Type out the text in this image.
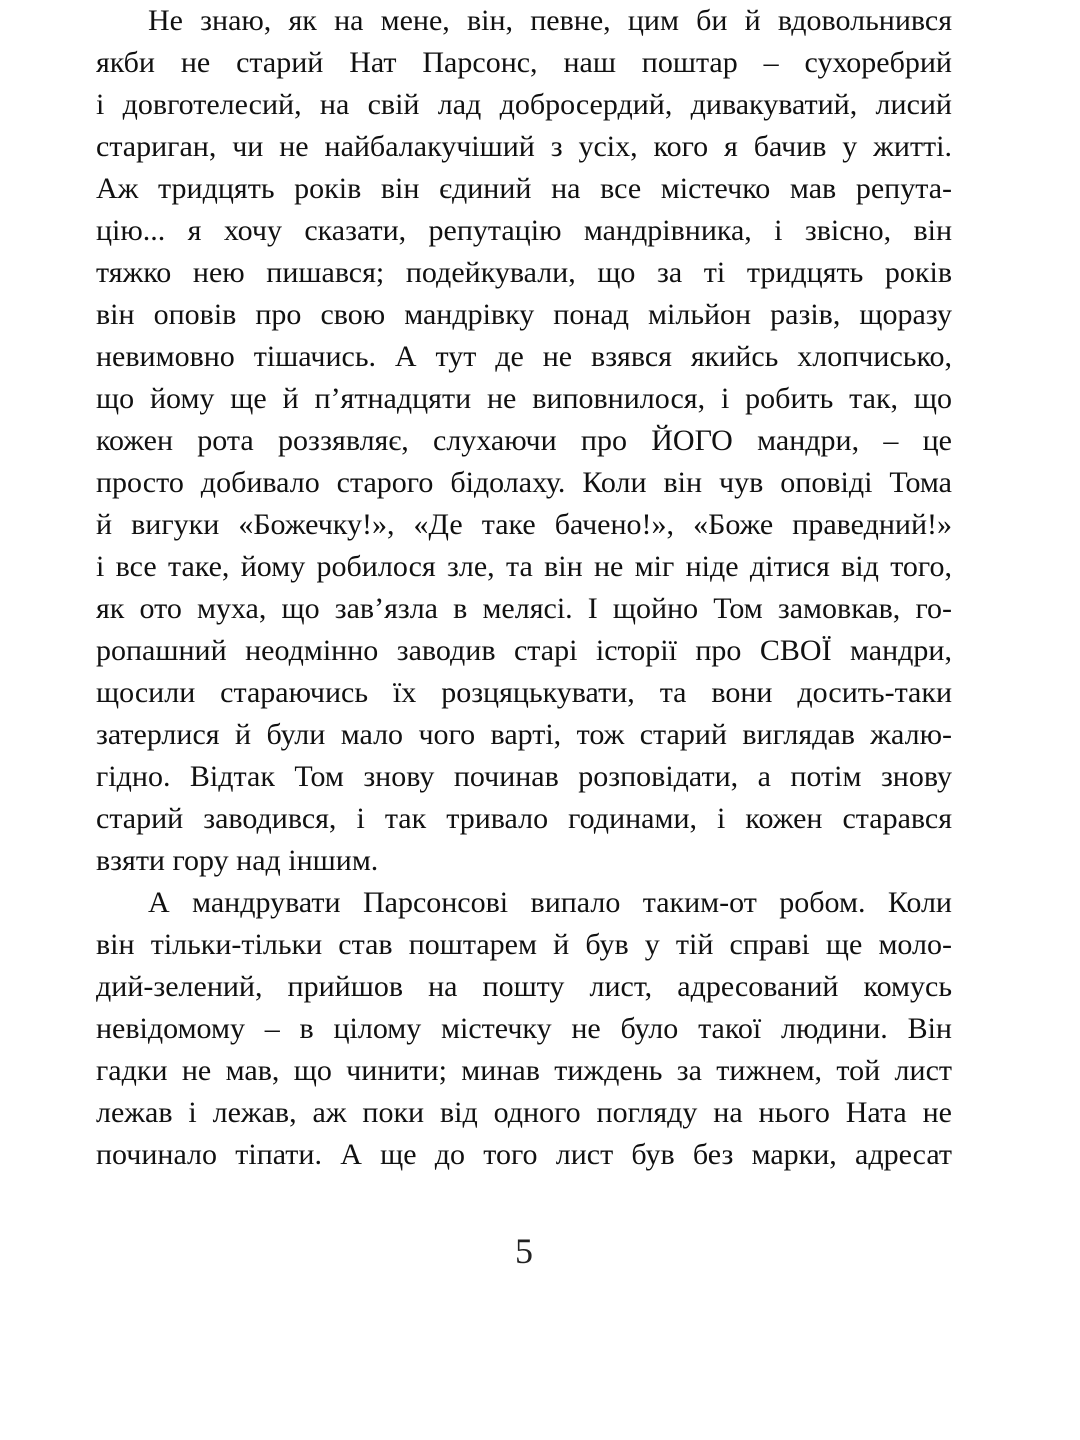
Не знаю, як на мене, він, певне, цим би й вдовольнився
якби не старий Нат Парсонс, наш поштар – сухоребрий
і довготелесий, на свій лад добросердий, дивакуватий, лисий
стариган, чи не найбалакучіший з усіх, кого я бачив у житті.
Аж тридцять років він єдиний на все містечко мав репута-
цію... я хочу сказати, репутацію мандрівника, і звісно, він
тяжко нею пишався; подейкували, що за ті тридцять років
він оповів про свою мандрівку понад мільйон разів, щоразу
невимовно тішачись. А тут де не взявся якийсь хлопчисько,
що йому ще й п’ятнадцяти не виповнилося, і робить так, що
кожен рота роззявляє, слухаючи про ЙОГО мандри, – це
просто добивало старого бідолаху. Коли він чув оповіді Тома
й вигуки «Божечку!», «Де таке бачено!», «Боже праведний!»
і все таке, йому робилося зле, та він не міг ніде дітися від того,
як ото муха, що зав’язла в мелясі. І щойно Том замовкав, го-
ропашний неодмінно заводив старі історії про СВОЇ мандри,
щосили стараючись їх розцяцькувати, та вони досить-таки
затерлися й були мало чого варті, тож старий виглядав жалю-
гідно. Відтак Том знову починав розповідати, а потім знову
старий заводився, і так тривало годинами, і кожен старався
взяти гору над іншим.
А мандрувати Парсонсові випало таким-от робом. Коли
він тільки-тільки став поштарем й був у тій справі ще моло-
дий-зелений, прийшов на пошту лист, адресований комусь
невідомому – в цілому містечку не було такої людини. Він
гадки не мав, що чинити; минав тиждень за тижнем, той лист
лежав і лежав, аж поки від одного погляду на нього Ната не
починало тіпати. А ще до того лист був без марки, адресат
5
